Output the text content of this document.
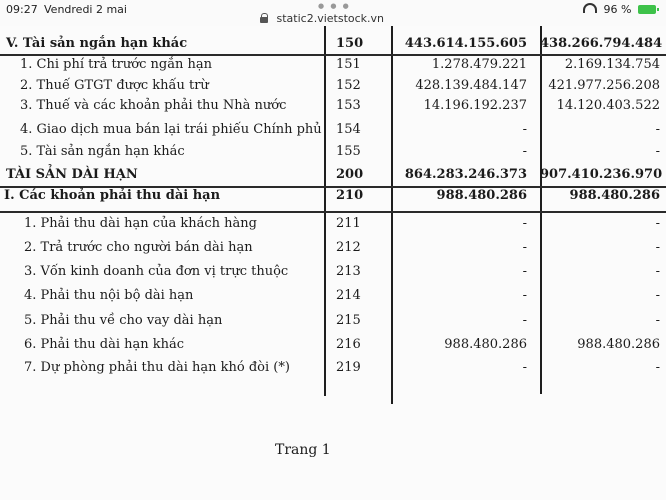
09:27 Vendredi 2 mai	● ● ●
static2.vietstock.vn
96 %
V. Tài sản ngắn hạn khác	150	443.614.155.605 438.266.794.484
1. Chi phí trả trước ngắn hạn	151	1.278.479.221	2.169.134.754
2. Thuế GTGT được khấu trừ	152	428.139.484.147	421.977.256.208
3. Thuế và các khoản phải thu Nhà nước	153	14.196.192.237	14.120.403.522
4. Giao dịch mua bán lại trái phiếu Chính phủ 154	-	-
5. Tài sản ngắn hạn khác	155	-	-
TÀI SẢN DÀI HẠN	200	864.283.246.373 907.410.236.970
I. Các khoản phải thu dài hạn	210	988.480.286	988.480.286
1. Phải thu dài hạn của khách hàng	211	-	-
2. Trả trước cho người bán dài hạn	212	-	-
3. Vốn kinh doanh của đơn vị trực thuộc	213	-	-
4. Phải thu nội bộ dài hạn	214	-	-
5. Phải thu về cho vay dài hạn	215	-	-
6. Phải thu dài hạn khác	216	988.480.286	988.480.286
7. Dự phòng phải thu dài hạn khó đòi (*)	219	-	-
Trang 1
